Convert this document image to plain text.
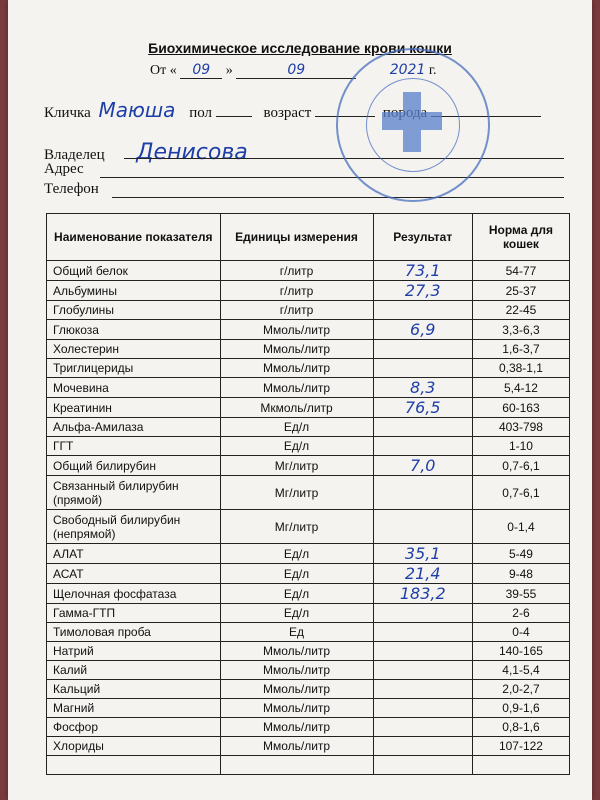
Биохимическое исследование крови кошки
От « 09 »	09	2021 г.
Кличка Маюша пол	возраст
Владелец Денисова
Адрес
Телефон
Наименование показателя	Единицы измерения	Результат	Норма для кошек
Общий белок	г/литр	73,1	54-77
Альбумины	г/литр	27,3	25-37
Глобулины	г/литр		22-45
Глюкоза	Ммоль/литр	6,9	3,3-6,3
Холестерин	Ммоль/литр		1,6-3,7
Триглицериды	Ммоль/литр		0,38-1,1
Мочевина	Ммоль/литр	8,3	5,4-12
Креатинин	Мкмоль/литр	76,5	60-163
Альфа-Амилаза	Ед/л		403-798
ГГТ	Ед/л		1-10
Общий билирубин	Мг/литр	7,0	0,7-6,1
Связанный билирубин (прямой)	Мг/литр		0,7-6,1
Свободный билирубин (непрямой)	Мг/литр		0-1,4
АЛАТ	Ед/л	35,1	5-49
АСАТ	Ед/л	21,4	9-48
Щелочная фосфатаза	Ед/л	183,2	39-55
Гамма-ГТП	Ед/л		2-6
Тимоловая проба	Ед		0-4
Натрий	Ммоль/литр		140-165
Калий	Ммоль/литр		4,1-5,4
Кальций	Ммоль/литр		2,0-2,7
Магний	Ммоль/литр		0,9-1,6
Фосфор	Ммоль/литр		0,8-1,6
Хлориды	Ммоль/литр		107-122
